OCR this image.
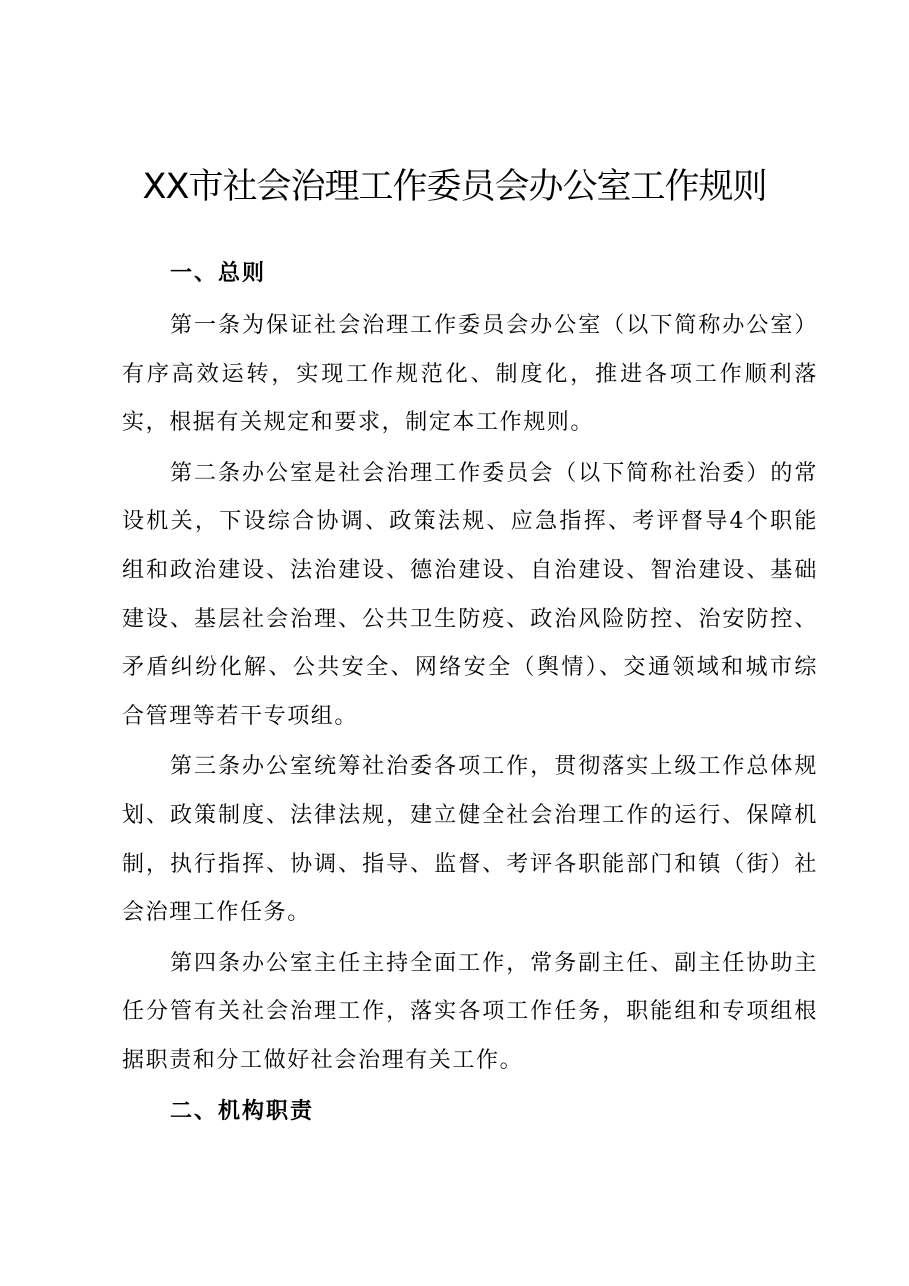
XX市社会治理工作委员会办公室工作规则
一、总则

第一条为保证社会治理工作委员会办公室（以下简称办公室）有序高效运转，实现工作规范化、制度化，推进各项工作顺利落实，根据有关规定和要求，制定本工作规则。

第二条办公室是社会治理工作委员会（以下简称社治委）的常设机关，下设综合协调、政策法规、应急指挥、考评督导4个职能组和政治建设、法治建设、德治建设、自治建设、智治建设、基础建设、基层社会治理、公共卫生防疫、政治风险防控、治安防控、矛盾纠纷化解、公共安全、网络安全（舆情）、交通领域和城市综合管理等若干专项组。

第三条办公室统筹社治委各项工作，贯彻落实上级工作总体规划、政策制度、法律法规，建立健全社会治理工作的运行、保障机制，执行指挥、协调、指导、监督、考评各职能部门和镇（街）社会治理工作任务。

第四条办公室主任主持全面工作，常务副主任、副主任协助主任分管有关社会治理工作，落实各项工作任务，职能组和专项组根据职责和分工做好社会治理有关工作。

二、机构职责
